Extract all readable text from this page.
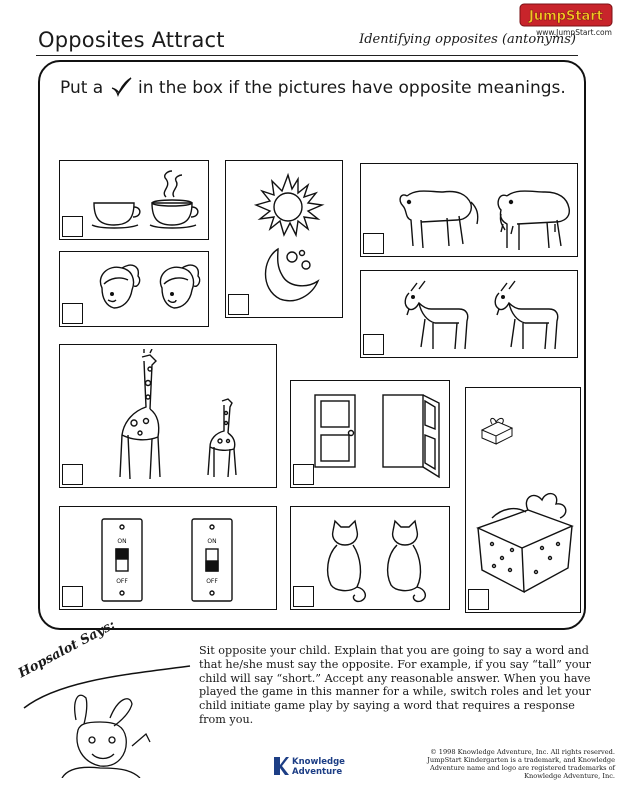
Opposites Attract	Identifying opposites (antonyms)
JumpStart
www.JumpStart.com
Put a in the box if the pictures have opposite meanings.
ON
OFF
ON
OFF
Hopsalot Says:	Sit opposite your child. Explain that you are going to say a word and that he/she must say the opposite. For example, if you say “tall” your child will say “short.” Accept any reasonable answer. When you have played the game in this manner for a while, switch roles and let your child initiate game play by saying a word that requires a response from you.
Knowledge
Adventure
© 1998 Knowledge Adventure, Inc. All rights reserved. JumpStart Kindergarten is a trademark, and Knowledge Adventure name and logo are registered trademarks of Knowledge Adventure, Inc.
